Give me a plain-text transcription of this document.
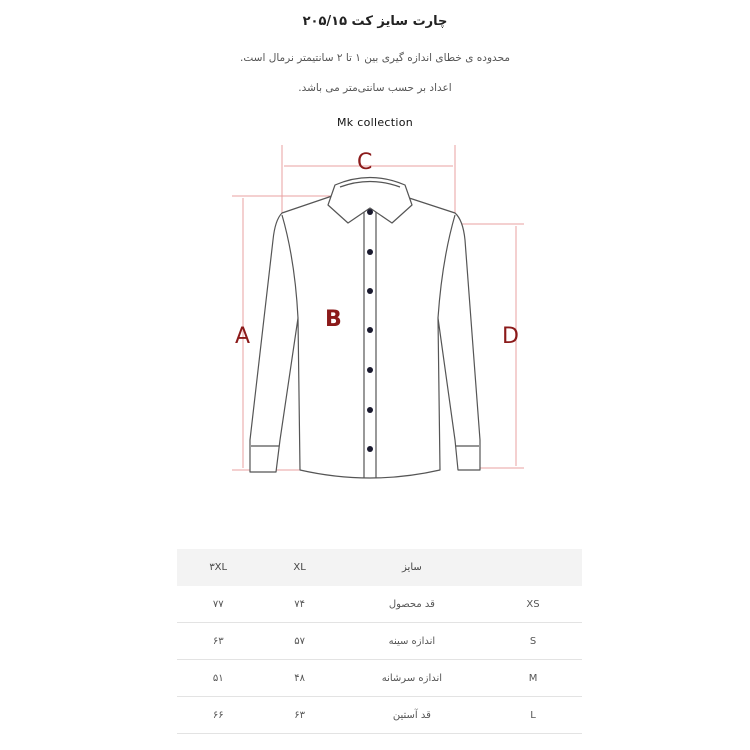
چارت سایز کت ۲۰۵/۱۵
محدوده ی خطای اندازه گیری بین ۱ تا ۲ سانتیمتر نرمال است.
اعداد بر حسب سانتی‌متر می باشد.
Mk collection
C
A
B
D
۳XL	XL	سایز	
۷۷	۷۴	قد محصول	XS
۶۳	۵۷	اندازه سینه	S
۵۱	۴۸	اندازه سرشانه	M
۶۶	۶۳	قد آستین	L
